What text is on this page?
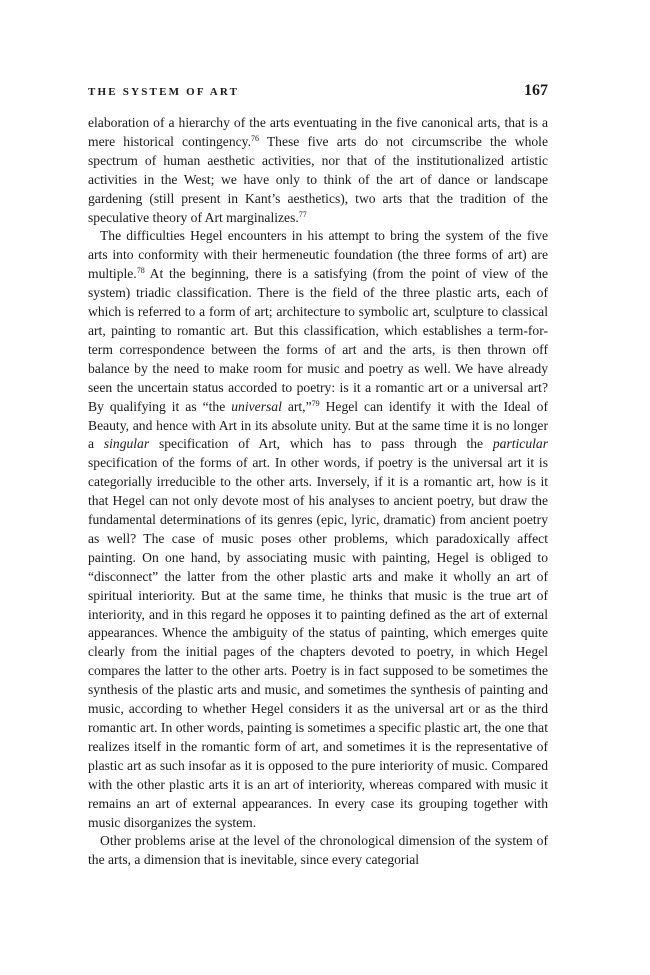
THE SYSTEM OF ART	167

elaboration of a hierarchy of the arts eventuating in the five canonical arts, that is a mere historical contingency.$^{76}$ These five arts do not circumscribe the whole spectrum of human aesthetic activities, nor that of the institutionalized artistic activities in the West; we have only to think of the art of dance or landscape gardening (still present in Kant’s aesthetics), two arts that the tradition of the speculative theory of Art marginalizes.$^{77}$

The difficulties Hegel encounters in his attempt to bring the system of the five arts into conformity with their hermeneutic foundation (the three forms of art) are multiple.$^{78}$ At the beginning, there is a satisfying (from the point of view of the system) triadic classification. There is the field of the three plastic arts, each of which is referred to a form of art; architecture to symbolic art, sculpture to classical art, painting to romantic art. But this classification, which establishes a term-for-term correspondence between the forms of art and the arts, is then thrown off balance by the need to make room for music and poetry as well. We have already seen the uncertain status accorded to poetry: is it a romantic art or a universal art? By qualifying it as “the universal art,”$^{79}$ Hegel can identify it with the Ideal of Beauty, and hence with Art in its absolute unity. But at the same time it is no longer a singular specification of Art, which has to pass through the particular specification of the forms of art. In other words, if poetry is the universal art it is categorially irreducible to the other arts. Inversely, if it is a romantic art, how is it that Hegel can not only devote most of his analyses to ancient poetry, but draw the fundamental determinations of its genres (epic, lyric, dramatic) from ancient poetry as well? The case of music poses other problems, which paradoxically affect painting. On one hand, by associating music with painting, Hegel is obliged to “disconnect” the latter from the other plastic arts and make it wholly an art of spiritual interiority. But at the same time, he thinks that music is the true art of interiority, and in this regard he opposes it to painting defined as the art of external appearances. Whence the ambiguity of the status of painting, which emerges quite clearly from the initial pages of the chapters devoted to poetry, in which Hegel compares the latter to the other arts. Poetry is in fact supposed to be sometimes the synthesis of the plastic arts and music, and sometimes the synthesis of painting and music, according to whether Hegel considers it as the universal art or as the third romantic art. In other words, painting is sometimes a specific plastic art, the one that realizes itself in the romantic form of art, and sometimes it is the representative of plastic art as such insofar as it is opposed to the pure interiority of music. Compared with the other plastic arts it is an art of interiority, whereas compared with music it remains an art of external appearances. In every case its grouping together with music disorganizes the system.

Other problems arise at the level of the chronological dimension of the system of the arts, a dimension that is inevitable, since every categorial
